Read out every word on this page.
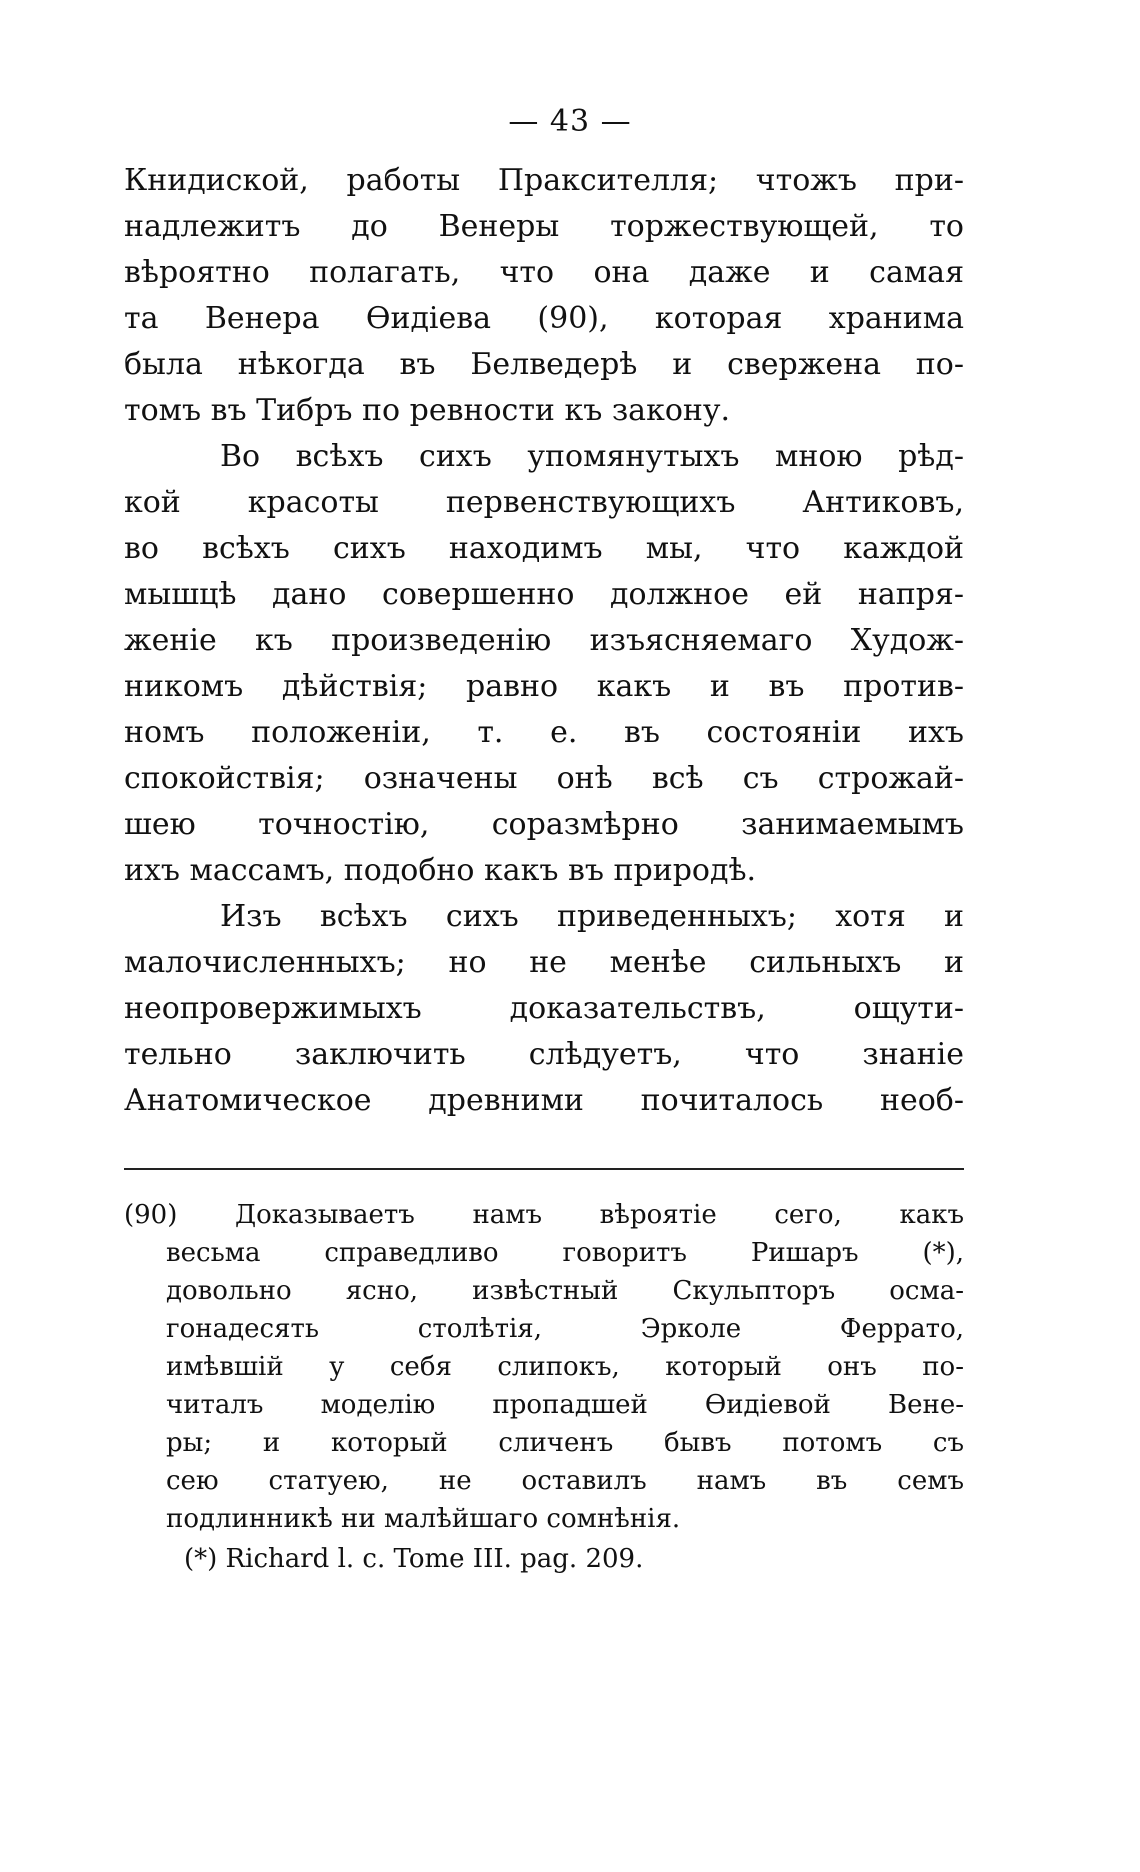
— 43 —
Книдиской, работы Праксителля; чтожъ при-
надлежитъ до Венеры торжествующей, то
вѣроятно полагать, что она даже и самая
та Венера Ѳидіева (90), которая хранима
была нѣкогда въ Белведерѣ и свержена по-
томъ въ Тибръ по ревности къ закону.
Во всѣхъ сихъ упомянутыхъ мною рѣд-
кой красоты первенствующихъ Антиковъ,
во всѣхъ сихъ находимъ мы, что каждой
мышцѣ дано совершенно должное ей напря-
женіе къ произведенію изъясняемаго Худож-
никомъ дѣйствія; равно какъ и въ против-
номъ положеніи, т. е. въ состояніи ихъ
спокойствія; означены онѣ всѣ съ строжай-
шею точностію, соразмѣрно занимаемымъ
ихъ массамъ, подобно какъ въ природѣ.
Изъ всѣхъ сихъ приведенныхъ; хотя и
малочисленныхъ; но не менѣе сильныхъ и
неопровержимыхъ доказательствъ, ощути-
тельно заключить слѣдуетъ, что знаніе
Анатомическое древними почиталось необ-
(90) Доказываетъ намъ вѣроятіе сего, какъ
весьма справедливо говоритъ Ришаръ (*),
довольно ясно, извѣстный Скульпторъ осма-
гонадесять столѣтія, Эрколе Феррато,
имѣвшій у себя слипокъ, который онъ по-
читалъ моделію пропадшей Ѳидіевой Вене-
ры; и который сличенъ бывъ потомъ съ
сею статуею, не оставилъ намъ въ семъ
подлинникѣ ни малѣйшаго сомнѣнія.
(*) Richard l. c. Tome III. pag. 209.
